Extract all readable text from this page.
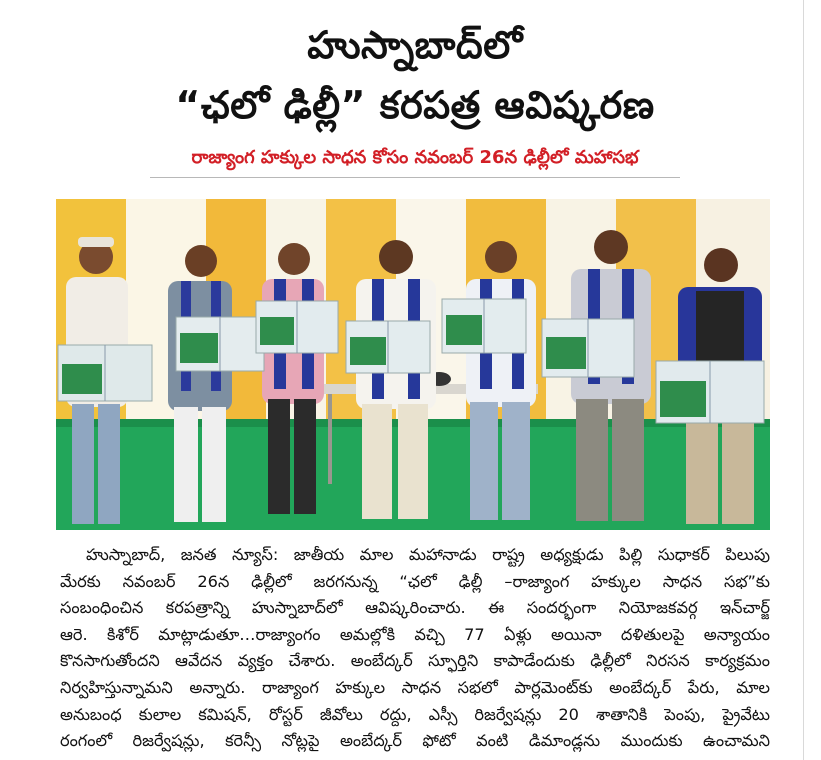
హుస్నాబాద్‌లో
“ఛలో ఢిల్లీ” కరపత్ర ఆవిష్కరణ
రాజ్యాంగ హక్కుల సాధన కోసం నవంబర్ 26న ఢిల్లీలో మహాసభ
హుస్నాబాద్, జనత న్యూస్: జాతీయ మాల మహానాడు రాష్ట్ర అధ్యక్షుడు పిల్లి సుధాకర్ పిలుపు
మేరకు నవంబర్ 26న ఢిల్లీలో జరగనున్న “ఛలో ఢిల్లీ –రాజ్యాంగ హక్కుల సాధన సభ”కు
సంబంధించిన కరపత్రాన్ని హుస్నాబాద్‌లో ఆవిష్కరించారు. ఈ సందర్భంగా నియోజకవర్గ ఇన్‌చార్జ్
ఆరె. కిశోర్ మాట్లాడుతూ…రాజ్యాంగం అమల్లోకి వచ్చి 77 ఏళ్లు అయినా దళితులపై అన్యాయం
కొనసాగుతోందని ఆవేదన వ్యక్తం చేశారు. అంబేద్కర్ స్ఫూర్తిని కాపాడేందుకు ఢిల్లీలో నిరసన కార్యక్రమం
నిర్వహిస్తున్నామని అన్నారు. రాజ్యాంగ హక్కుల సాధన సభలో పార్లమెంట్‌కు అంబేద్కర్ పేరు, మాల
అనుబంధ కులాల కమిషన్, రోస్టర్ జీవోలు రద్దు, ఎస్సీ రిజర్వేషన్లు 20 శాతానికి పెంపు, ప్రైవేటు
రంగంలో రిజర్వేషన్లు, కరెన్సీ నోట్లపై అంబేద్కర్ ఫోటో వంటి డిమాండ్లను ముందుకు ఉంచామని
